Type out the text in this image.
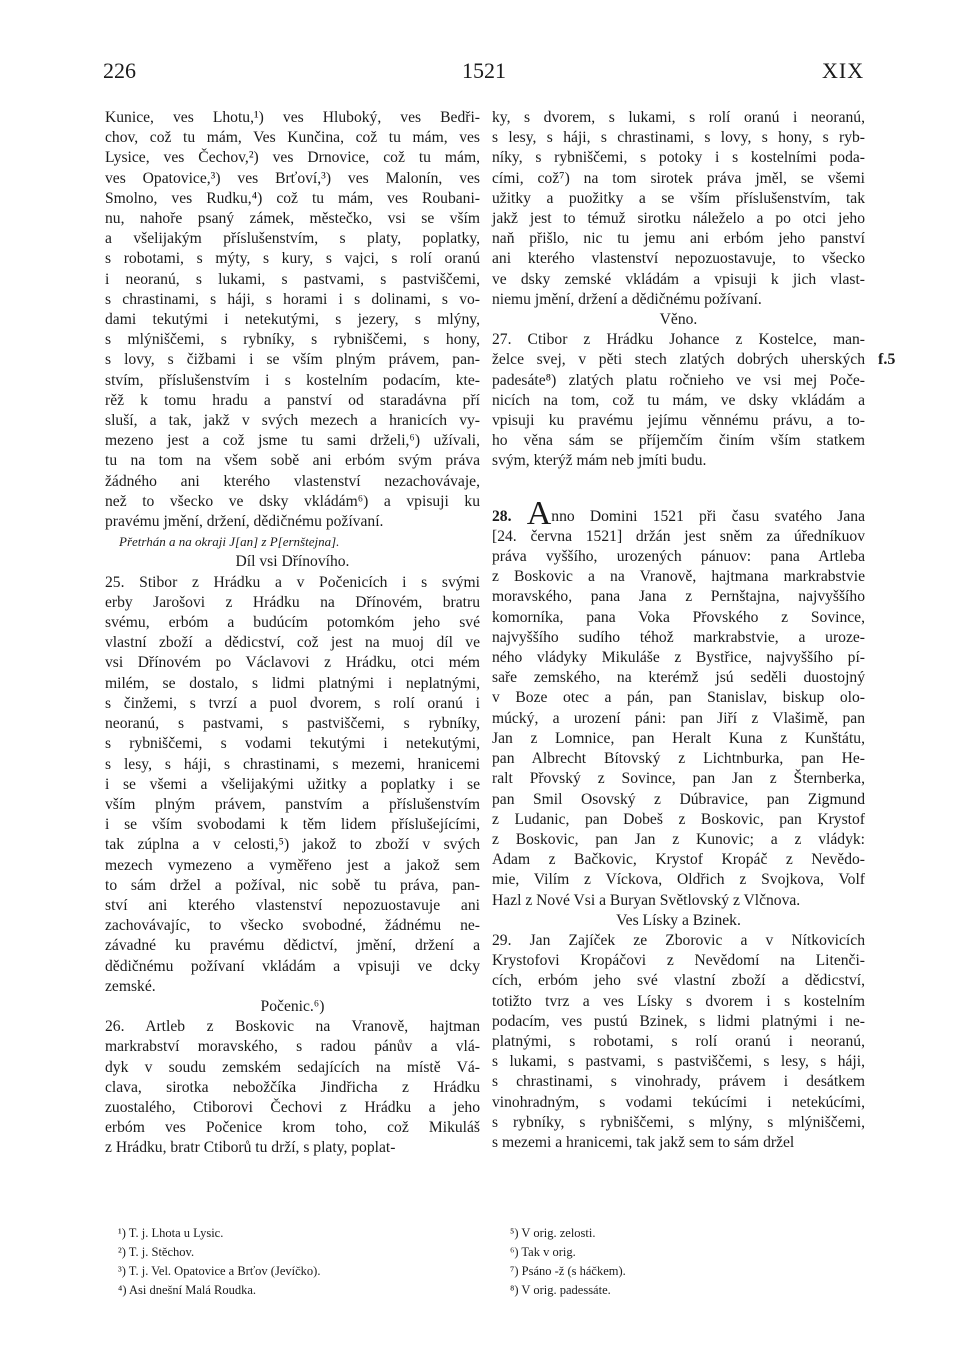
226	1521	XIX
f.5
Kunice, ves Lhotu,¹) ves Hluboký, ves Bedři-
chov, což tu mám, Ves Kunčina, což tu mám, ves
Lysice, ves Čechov,²) ves Drnovice, což tu mám,
ves Opatovice,³) ves Brťoví,³) ves Malonín, ves
Smolno, ves Rudku,⁴) což tu mám, ves Roubani-
nu, nahoře psaný zámek, městečko, vsi se vším
a všelijakým příslušenstvím, s platy, poplatky,
s robotami, s mýty, s kury, s vajci, s rolí oranú
i neoranú, s lukami, s pastvami, s pastviščemi,
s chrastinami, s háji, s horami i s dolinami, s vo-
dami tekutými i netekutými, s jezery, s mlýny,
s mlýniščemi, s rybníky, s rybniščemi, s hony,
s lovy, s čižbami i se vším plným právem, pan-
stvím, příslušenstvím i s kostelním podacím, kte-
rěž k tomu hradu a panství od staradávna pří
sluší, a tak, jakž v svých mezech a hranicích vy-
mezeno jest a což jsme tu sami drželi,⁶) užívali,
tu na tom na všem sobě ani erbóm svým práva
žádného ani kterého vlastenství nezachovávaje,
než to všecko ve dsky vkládám⁶) a vpisuji ku
pravému jmění, držení, dědičnému požívaní.
Přetrhán a na okraji J[an] z P[ernštejna].
Díl vsi Dřínovího.
25. Stibor z Hrádku a v Počenicích i s svými
erby Jarošovi z Hrádku na Dřínovém, bratru
svému, erbóm a budúcím potomkóm jeho své
vlastní zboží a dědicství, což jest na muoj díl ve
vsi Dřínovém po Václavovi z Hrádku, otci mém
milém, se dostalo, s lidmi platnými i neplatnými,
s činžemi, s tvrzí a puol dvorem, s rolí oranú i
neoranú, s pastvami, s pastviščemi, s rybníky,
s rybniščemi, s vodami tekutými i netekutými,
s lesy, s háji, s chrastinami, s mezemi, hranicemi
i se všemi a všelijakými užitky a poplatky i se
vším plným právem, panstvím a příslušenstvím
i se vším svobodami k těm lidem příslušejícími,
tak zúplna a v celosti,⁵) jakož to zboží v svých
mezech vymezeno a vyměřeno jest a jakož sem
to sám držel a požíval, nic sobě tu práva, pan-
ství ani kterého vlastenství nepozuostavuje ani
zachovávajíc, to všecko svobodné, žádnému ne-
závadné ku pravému dědictví, jmění, držení a
dědičnému požívaní vkládám a vpisuji ve dcky
zemské.
Počenic.⁶)
26. Artleb z Boskovic na Vranově, hajtman
markrabství moravského, s radou pánův a vlá-
dyk v soudu zemském sedajících na místě Vá-
clava, sirotka nebožčíka Jindřicha z Hrádku
zuostalého, Ctiborovi Čechovi z Hrádku a jeho
erbóm ves Počenice krom toho, což Mikuláš
z Hrádku, bratr Ctiborů tu drží, s platy, poplat-
ky, s dvorem, s lukami, s rolí oranú i neoranú,
s lesy, s háji, s chrastinami, s lovy, s hony, s ryb-
níky, s rybniščemi, s potoky i s kostelními poda-
cími, což⁷) na tom sirotek práva jměl, se všemi
užitky a puožitky a se vším příslušenstvím, tak
jakž jest to témuž sirotku náleželo a po otci jeho
naň přišlo, nic tu jemu ani erbóm jeho panství
ani kterého vlastenství nepozuostavuje, to všecko
ve dsky zemské vkládám a vpisuji k jich vlast-
niemu jmění, držení a dědičnému požívaní.
Věno.
27. Ctibor z Hrádku Johance z Kostelce, man-
želce svej, v pěti stech zlatých dobrých uherských
padesáte⁸) zlatých platu ročnieho ve vsi mej Poče-
nicích na tom, což tu mám, ve dsky vkládám a
vpisuji ku pravému jejímu věnnému právu, a to-
ho věna sám se příjemčím činím vším statkem
svým, kterýž mám neb jmíti budu.
28. Anno Domini 1521 při času svatého Jana
[24. června 1521] držán jest sněm za úředníkuov
práva vyššího, urozených pánuov: pana Artleba
z Boskovic a na Vranově, hajtmana markrabstvie
moravského, pana Jana z Pernštajna, najvyššího
komorníka, pana Voka Přovského z Sovince,
najvyššího sudího téhož markrabstvie, a uroze-
ného vládyky Mikuláše z Bystřice, najvyššího pí-
saře zemského, na kterémž jsú seděli duostojný
v Boze otec a pán, pan Stanislav, biskup olo-
múcký, a urození páni: pan Jiří z Vlašimě, pan
Jan z Lomnice, pan Heralt Kuna z Kunštátu,
pan Albrecht Bítovský z Lichtnburka, pan He-
ralt Přovský z Sovince, pan Jan z Šternberka,
pan Smil Osovský z Dúbravice, pan Zigmund
z Ludanic, pan Dobeš z Boskovic, pan Krystof
z Boskovic, pan Jan z Kunovic; a z vládyk:
Adam z Bačkovic, Krystof Kropáč z Nevědo-
mie, Vilím z Víckova, Oldřich z Svojkova, Volf
Hazl z Nové Vsi a Buryan Světlovský z Vlčnova.
Ves Lísky a Bzinek.
29. Jan Zajíček ze Zborovic a v Nítkovicích
Krystofovi Kropáčovi z Nevědomí na Litenči-
cích, erbóm jeho své vlastní zboží a dědicství,
totižto tvrz a ves Lísky s dvorem i s kostelním
podacím, ves pustú Bzinek, s lidmi platnými i ne-
platnými, s robotami, s rolí oranú i neoranú,
s lukami, s pastvami, s pastviščemi, s lesy, s háji,
s chrastinami, s vinohrady, právem i desátkem
vinohradným, s vodami tekúcími i netekúcími,
s rybníky, s rybniščemi, s mlýny, s mlýniščemi,
s mezemi a hranicemi, tak jakž sem to sám držel
¹) T. j. Lhota u Lysic.
²) T. j. Stěchov.
³) T. j. Vel. Opatovice a Brťov (Jevíčko).
⁴) Asi dnešní Malá Roudka.
⁵) V orig. zelosti.
⁶) Tak v orig.
⁷) Psáno -ž (s háčkem).
⁸) V orig. padessáte.
